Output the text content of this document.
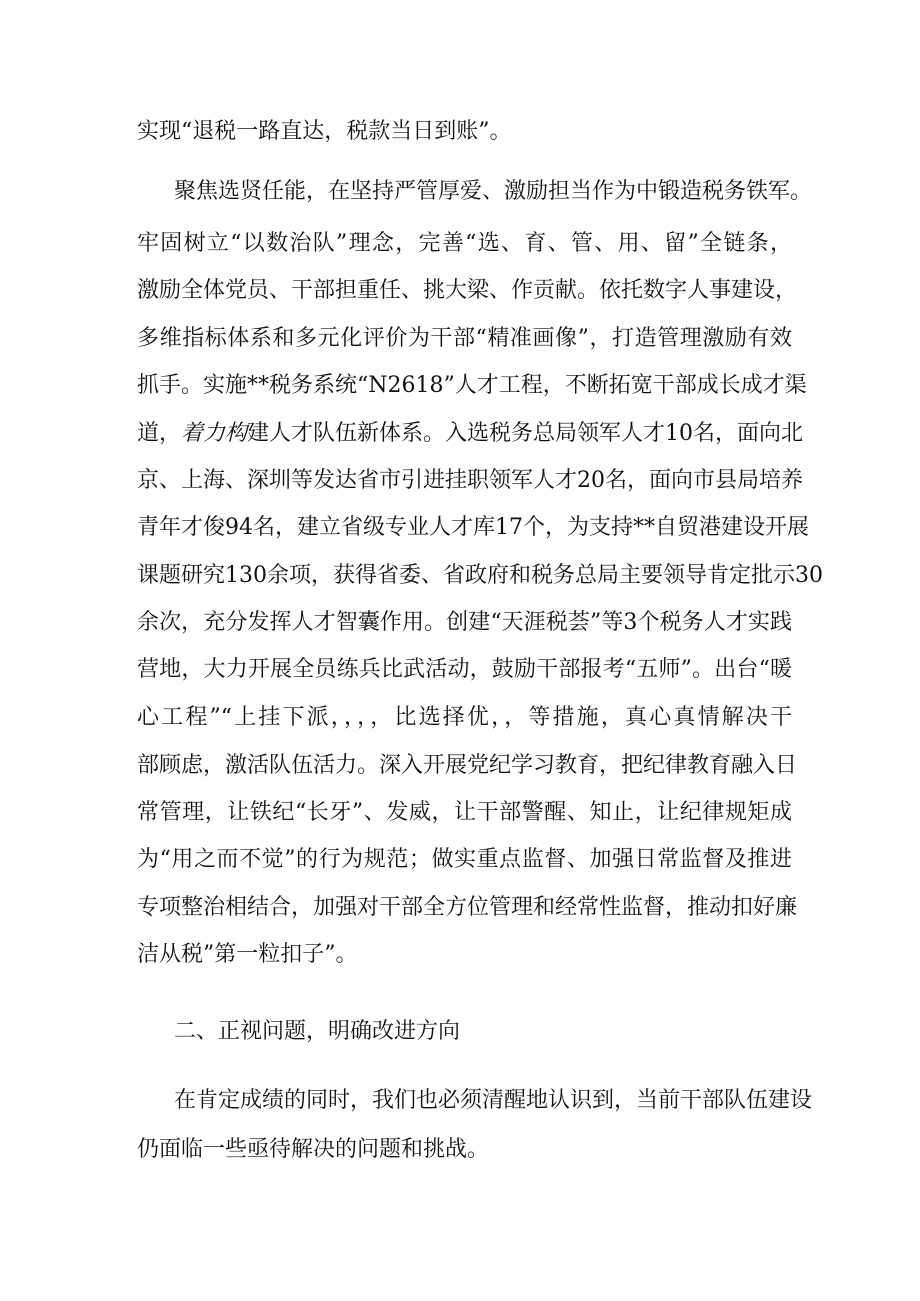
实现“退税一路直达，税款当日到账”。
聚焦选贤任能，在坚持严管厚爱、激励担当作为中锻造税务铁军。
牢固树立“以数治队”理念，完善“选、育、管、用、留”全链条，
激励全体党员、干部担重任、挑大梁、作贡献。依托数字人事建设，
多维指标体系和多元化评价为干部“精准画像”，打造管理激励有效
抓手。实施**税务系统“N2618”人才工程，不断拓宽干部成长成才渠
道，着力构建人才队伍新体系。入选税务总局领军人才10名，面向北
京、上海、深圳等发达省市引进挂职领军人才20名，面向市县局培养
青年才俊94名，建立省级专业人才库17个，为支持**自贸港建设开展
课题研究130余项，获得省委、省政府和税务总局主要领导肯定批示30
余次，充分发挥人才智囊作用。创建“天涯税荟”等3个税务人才实践
营地，大力开展全员练兵比武活动，鼓励干部报考“五师”。出台“暖
心工程”“上挂下派，，，，比选择优，，等措施，真心真情解决干
部顾虑，激活队伍活力。深入开展党纪学习教育，把纪律教育融入日
常管理，让铁纪“长牙”、发威，让干部警醒、知止，让纪律规矩成
为“用之而不觉”的行为规范；做实重点监督、加强日常监督及推进
专项整治相结合，加强对干部全方位管理和经常性监督，推动扣好廉
洁从税”第一粒扣子”。
二、正视问题，明确改进方向
在肯定成绩的同时，我们也必须清醒地认识到，当前干部队伍建设
仍面临一些亟待解决的问题和挑战。
